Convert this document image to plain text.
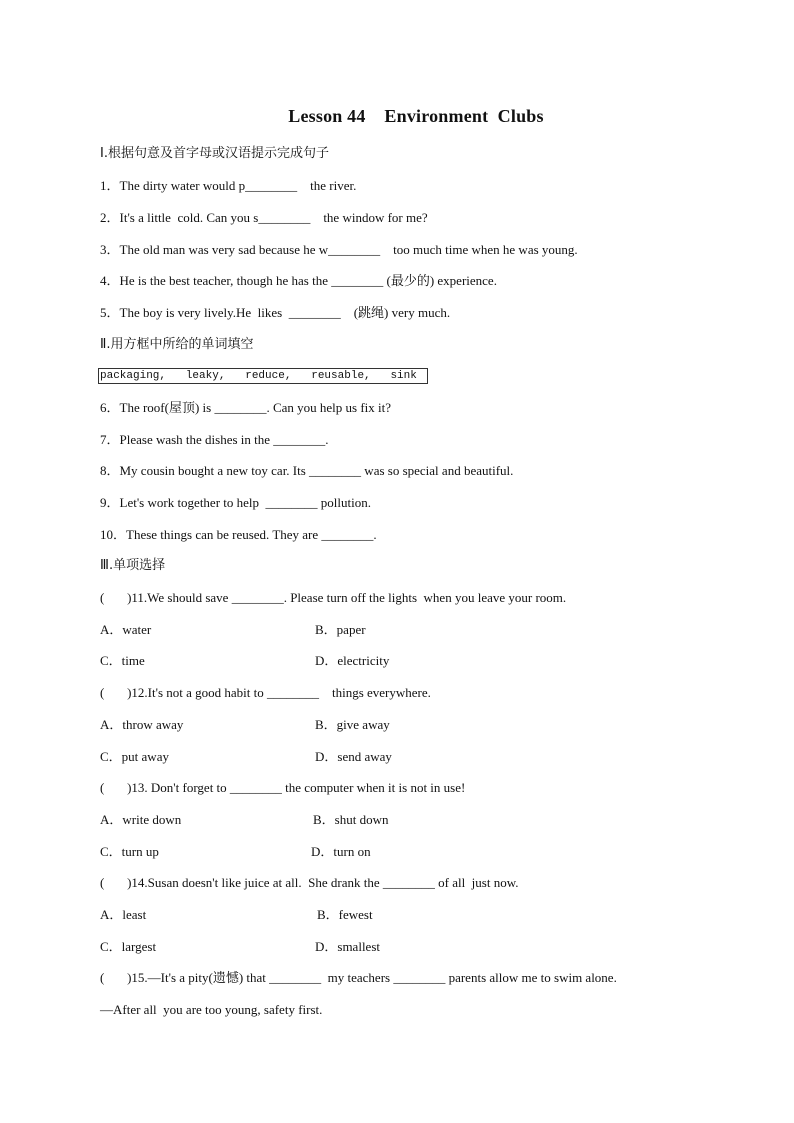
Lesson 44 Environment  Clubs
Ⅰ.根据句意及首字母或汉语提示完成句子
1．The dirty water would p________    the river.
2．It's a little  cold. Can you s________    the window for me?
3．The old man was very sad because he w________    too much time when he was young.
4．He is the best teacher, though he has the ________ (最少的) experience.
5．The boy is very lively.He  likes  ________    (跳绳) very much.
Ⅱ.用方框中所给的单词填空
packaging,   leaky,   reduce,   reusable,   sink
6．The roof(屋顶) is ________. Can you help us fix it?
7．Please wash the dishes in the ________.
8．My cousin bought a new toy car. Its ________ was so special and beautiful.
9．Let's work together to help  ________ pollution.
10．These things can be reused. They are ________.
Ⅲ.单项选择
(       )11.We should save ________. Please turn off the lights  when you leave your room.
A．water	B．paper
C．time	D．electricity
(       )12.It's not a good habit to ________    things everywhere.
A．throw away	B．give away
C．put away	D．send away
(       )13. Don't forget to ________ the computer when it is not in use!
A．write down	B．shut down
C．turn up	D．turn on
(       )14.Susan doesn't like juice at all.  She drank the ________ of all  just now.
A．least	B．fewest
C．largest	D．smallest
(       )15.—It's a pity(遗憾) that ________  my teachers ________ parents allow me to swim alone.
—After all  you are too young, safety first.
